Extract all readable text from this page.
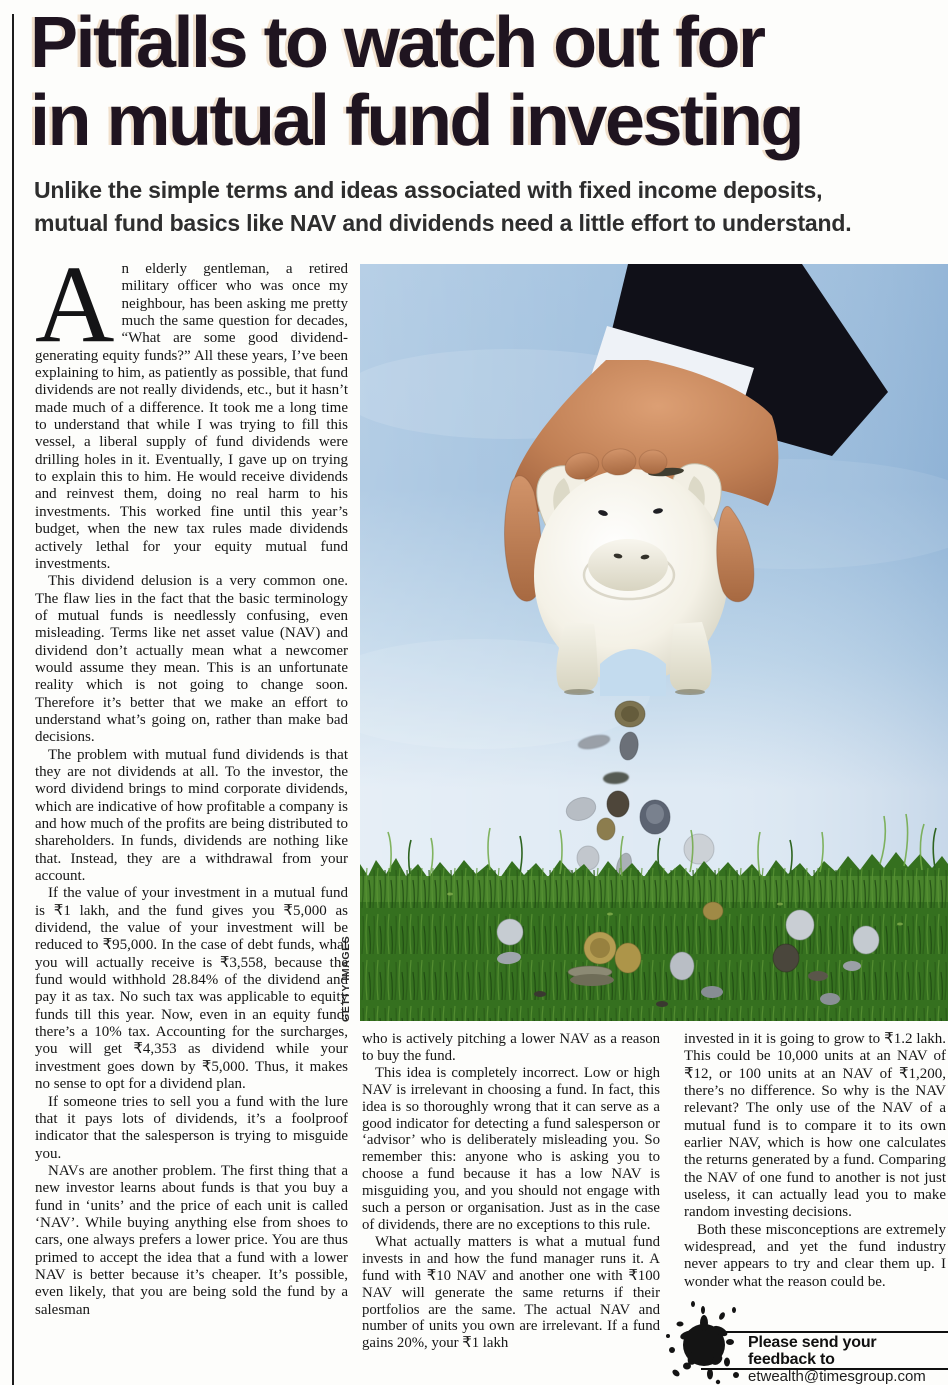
Pitfalls to watch out for
in mutual fund investing

Unlike the simple terms and ideas associated with fixed income deposits,
mutual fund basics like NAV and dividends need a little effort to understand.

An elderly gentleman, a retired military officer who was once my neighbour, has been asking me pretty much the same question for decades, “What are some good dividend-generating equity funds?” All these years, I’ve been explaining to him, as patiently as possible, that fund dividends are not really dividends, etc., but it hasn’t made much of a difference. It took me a long time to understand that while I was trying to fill this vessel, a liberal supply of fund dividends were drilling holes in it. Eventually, I gave up on trying to explain this to him. He would receive dividends and reinvest them, doing no real harm to his investments. This worked fine until this year’s budget, when the new tax rules made dividends actively lethal for your equity mutual fund investments.

This dividend delusion is a very common one. The flaw lies in the fact that the basic terminology of mutual funds is needlessly confusing, even misleading. Terms like net asset value (NAV) and dividend don’t actually mean what a newcomer would assume they mean. This is an unfortunate reality which is not going to change soon. Therefore it’s better that we make an effort to understand what’s going on, rather than make bad decisions.

The problem with mutual fund dividends is that they are not dividends at all. To the investor, the word dividend brings to mind corporate dividends, which are indicative of how profitable a company is and how much of the profits are being distributed to shareholders. In funds, dividends are nothing like that. Instead, they are a withdrawal from your account.

If the value of your investment in a mutual fund is ₹1 lakh, and the fund gives you ₹5,000 as dividend, the value of your investment will be reduced to ₹95,000. In the case of debt funds, what you will actually receive is ₹3,558, because the fund would withhold 28.84% of the dividend and pay it as tax. No such tax was applicable to equity funds till this year. Now, even in an equity fund, there’s a 10% tax. Accounting for the surcharges, you will get ₹4,353 as dividend while your investment goes down by ₹5,000. Thus, it makes no sense to opt for a dividend plan.

If someone tries to sell you a fund with the lure that it pays lots of dividends, it’s a foolproof indicator that the salesperson is trying to misguide you.

NAVs are another problem. The first thing that a new investor learns about funds is that you buy a fund in ‘units’ and the price of each unit is called ‘NAV’. While buying anything else from shoes to cars, one always prefers a lower price. You are thus primed to accept the idea that a fund with a lower NAV is better because it’s cheaper. It’s possible, even likely, that you are being sold the fund by a salesman

GETTY IMAGES

who is actively pitching a lower NAV as a reason to buy the fund.

This idea is completely incorrect. Low or high NAV is irrelevant in choosing a fund. In fact, this idea is so thoroughly wrong that it can serve as a good indicator for detecting a fund salesperson or ‘advisor’ who is deliberately misleading you. So remember this: anyone who is asking you to choose a fund because it has a low NAV is misguiding you, and you should not engage with such a person or organisation. Just as in the case of dividends, there are no exceptions to this rule.

What actually matters is what a mutual fund invests in and how the fund manager runs it. A fund with ₹10 NAV and another one with ₹100 NAV will generate the same returns if their portfolios are the same. The actual NAV and number of units you own are irrelevant. If a fund gains 20%, your ₹1 lakh

invested in it is going to grow to ₹1.2 lakh. This could be 10,000 units at an NAV of ₹12, or 100 units at an NAV of ₹1,200, there’s no difference. So why is the NAV relevant? The only use of the NAV of a mutual fund is to compare it to its own earlier NAV, which is how one calculates the returns generated by a fund. Comparing the NAV of one fund to another is not just useless, it can actually lead you to make random investing decisions.

Both these misconceptions are extremely widespread, and yet the fund industry never appears to try and clear them up. I wonder what the reason could be.

Please send your feedback to
etwealth@timesgroup.com
